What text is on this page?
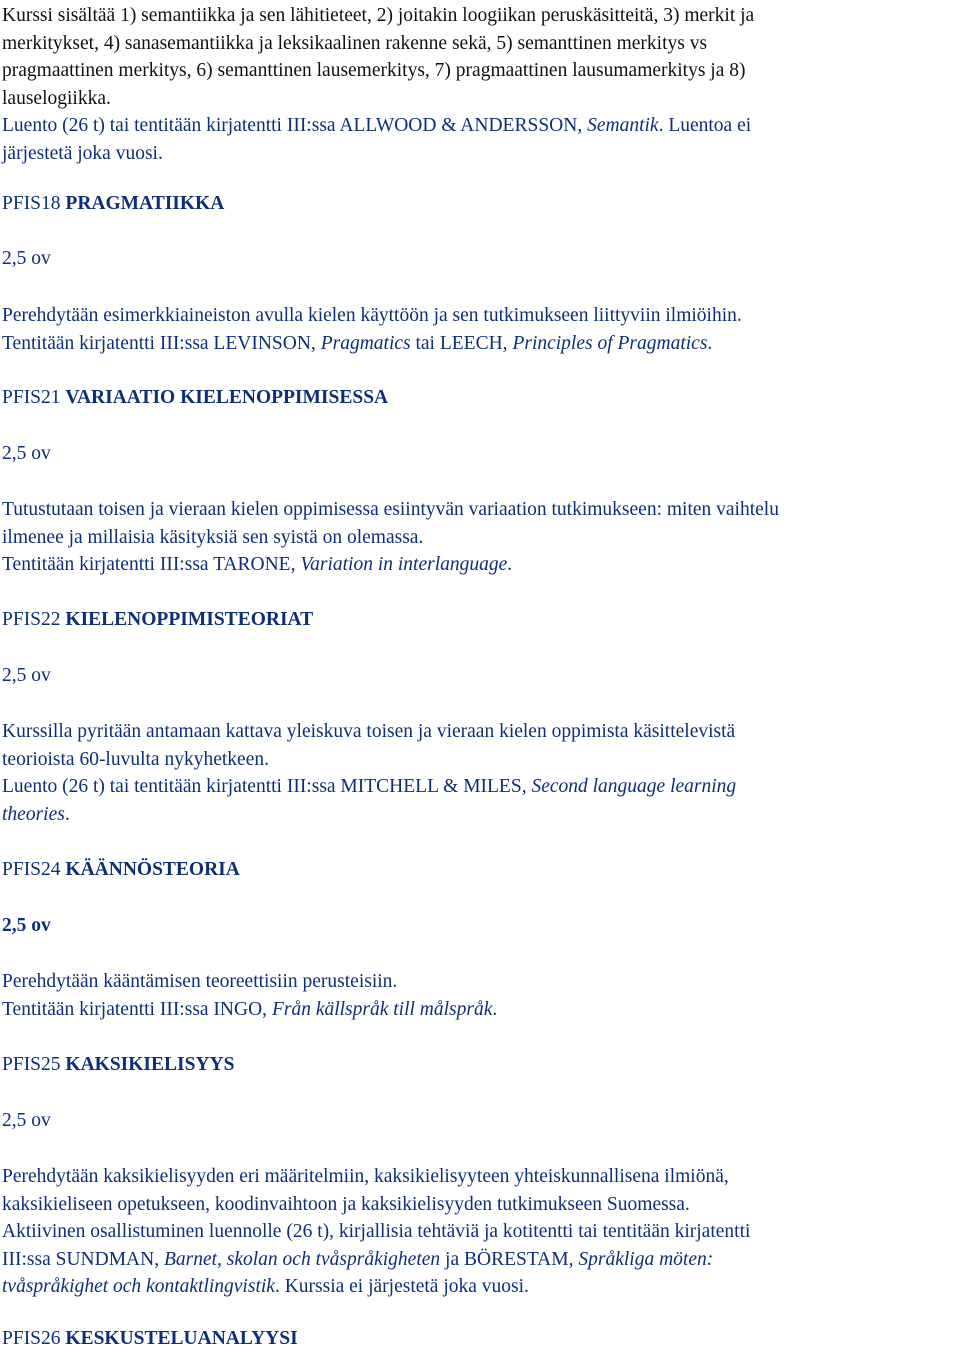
Kurssi sisältää 1) semantiikka ja sen lähitieteet, 2) joitakin loogiikan peruskäsitteitä, 3) merkit ja

merkitykset, 4) sanasemantiikka ja leksikaalinen rakenne sekä, 5) semanttinen merkitys vs

pragmaattinen merkitys, 6) semanttinen lausemerkitys, 7) pragmaattinen lausumamerkitys ja 8)

lauselogiikka.

Luento (26 t) tai tentitään kirjatentti III:ssa ALLWOOD & ANDERSSON, Semantik. Luentoa ei

järjestetä joka vuosi.

PFIS18 PRAGMATIIKKA

2,5 ov

Perehdytään esimerkkiaineiston avulla kielen käyttöön ja sen tutkimukseen liittyviin ilmiöihin.

Tentitään kirjatentti III:ssa LEVINSON, Pragmatics tai LEECH, Principles of Pragmatics.

PFIS21 VARIAATIO KIELENOPPIMISESSA

2,5 ov

Tutustutaan toisen ja vieraan kielen oppimisessa esiintyvän variaation tutkimukseen: miten vaihtelu

ilmenee ja millaisia käsityksiä sen syistä on olemassa.

Tentitään kirjatentti III:ssa TARONE, Variation in interlanguage.

PFIS22 KIELENOPPIMISTEORIAT

2,5 ov

Kurssilla pyritään antamaan kattava yleiskuva toisen ja vieraan kielen oppimista käsittelevistä

teorioista 60-luvulta nykyhetkeen.

Luento (26 t) tai tentitään kirjatentti III:ssa MITCHELL & MILES, Second language learning

theories.

PFIS24 KÄÄNNÖSTEORIA

2,5 ov

Perehdytään kääntämisen teoreettisiin perusteisiin.

Tentitään kirjatentti III:ssa INGO, Från källspråk till målspråk.

PFIS25 KAKSIKIELISYYS

2,5 ov

Perehdytään kaksikielisyyden eri määritelmiin, kaksikielisyyteen yhteiskunnallisena ilmiönä,

kaksikieliseen opetukseen, koodinvaihtoon ja kaksikielisyyden tutkimukseen Suomessa.

Aktiivinen osallistuminen luennolle (26 t), kirjallisia tehtäviä ja kotitentti tai tentitään kirjatentti

III:ssa SUNDMAN, Barnet, skolan och tvåspråkigheten ja BÖRESTAM, Språkliga möten:

tvåspråkighet och kontaktlingvistik. Kurssia ei järjestetä joka vuosi.

PFIS26 KESKUSTELUANALYYSI
